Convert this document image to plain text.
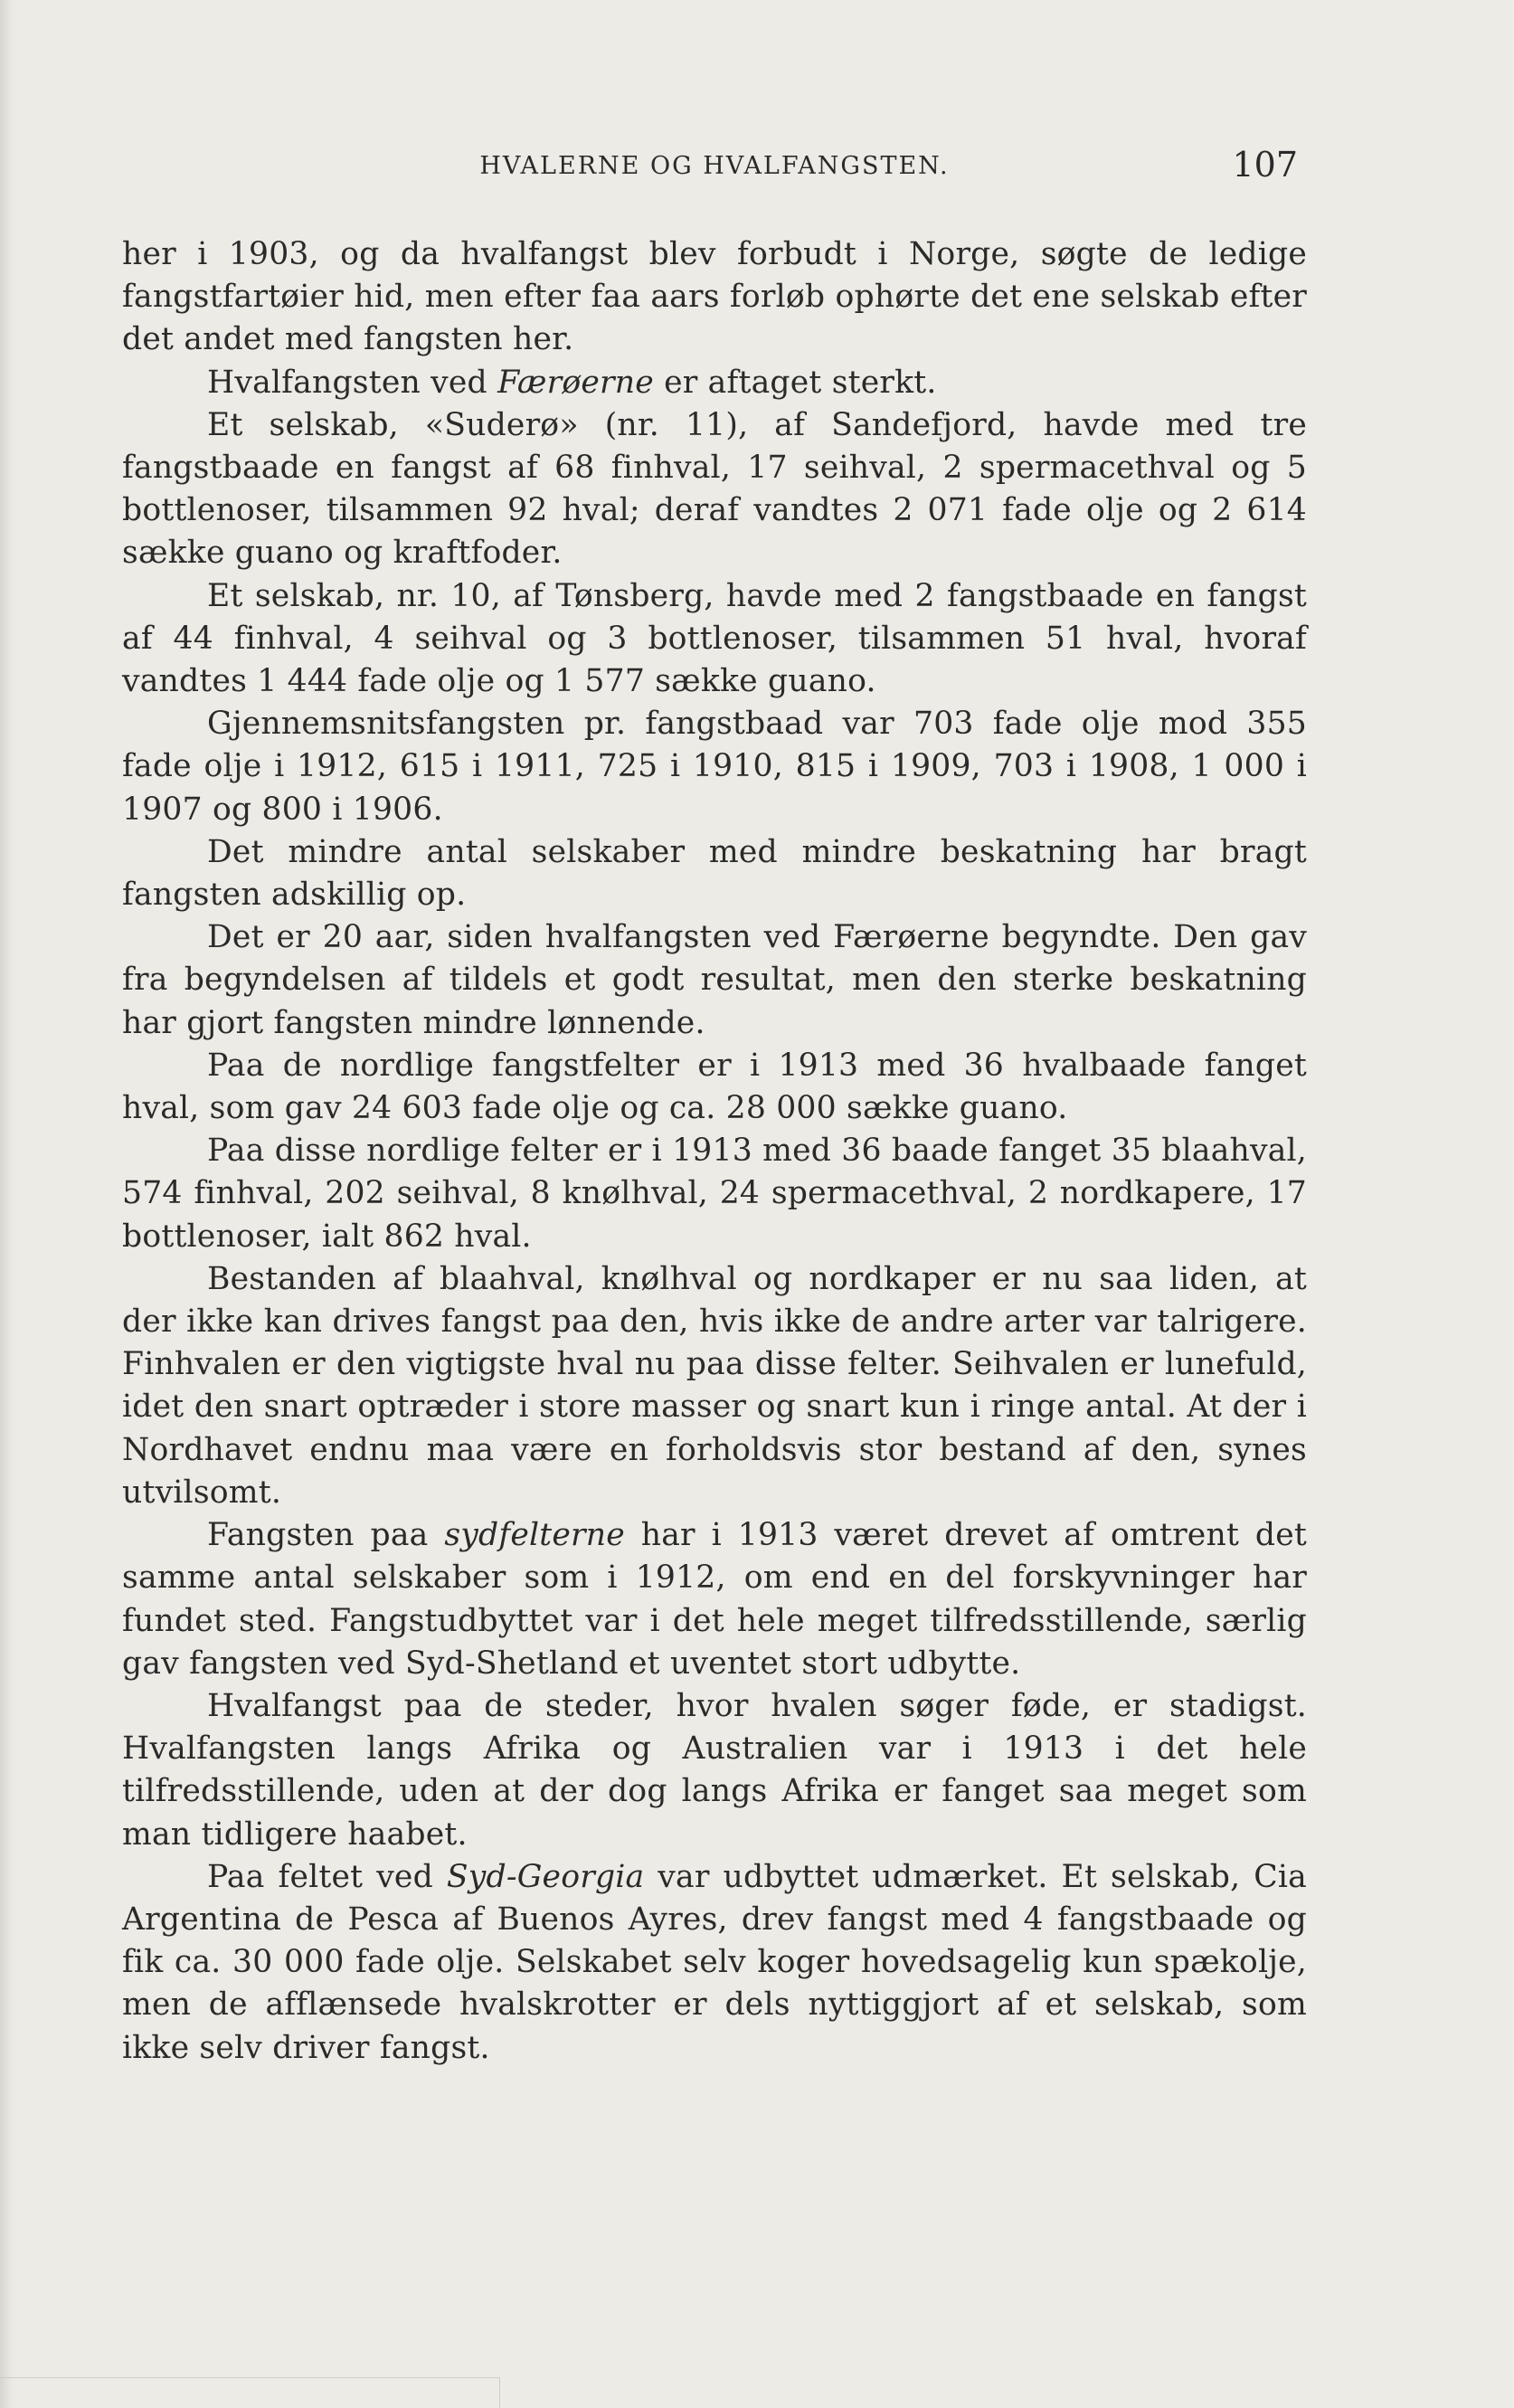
HVALERNE OG HVALFANGSTEN.	107

her i 1903, og da hvalfangst blev forbudt i Norge, søgte de ledige fangstfartøier hid, men efter faa aars forløb ophørte det ene selskab efter det andet med fangsten her.

Hvalfangsten ved Færøerne er aftaget sterkt.

Et selskab, «Suderø» (nr. 11), af Sandefjord, havde med tre fangstbaade en fangst af 68 finhval, 17 seihval, 2 spermacethval og 5 bottlenoser, tilsammen 92 hval; deraf vandtes 2 071 fade olje og 2 614 sække guano og kraftfoder.

Et selskab, nr. 10, af Tønsberg, havde med 2 fangstbaade en fangst af 44 finhval, 4 seihval og 3 bottlenoser, tilsammen 51 hval, hvoraf vandtes 1 444 fade olje og 1 577 sække guano.

Gjennemsnitsfangsten pr. fangstbaad var 703 fade olje mod 355 fade olje i 1912, 615 i 1911, 725 i 1910, 815 i 1909, 703 i 1908, 1 000 i 1907 og 800 i 1906.

Det mindre antal selskaber med mindre beskatning har bragt fangsten adskillig op.

Det er 20 aar, siden hvalfangsten ved Færøerne begyndte. Den gav fra begyndelsen af tildels et godt resultat, men den sterke beskatning har gjort fangsten mindre lønnende.

Paa de nordlige fangstfelter er i 1913 med 36 hvalbaade fanget hval, som gav 24 603 fade olje og ca. 28 000 sække guano.

Paa disse nordlige felter er i 1913 med 36 baade fanget 35 blaahval, 574 finhval, 202 seihval, 8 knølhval, 24 spermacethval, 2 nordkapere, 17 bottlenoser, ialt 862 hval.

Bestanden af blaahval, knølhval og nordkaper er nu saa liden, at der ikke kan drives fangst paa den, hvis ikke de andre arter var talrigere. Finhvalen er den vigtigste hval nu paa disse felter. Seihvalen er lunefuld, idet den snart optræder i store masser og snart kun i ringe antal. At der i Nordhavet endnu maa være en forholdsvis stor bestand af den, synes utvilsomt.

Fangsten paa sydfelterne har i 1913 været drevet af omtrent det samme antal selskaber som i 1912, om end en del forskyvninger har fundet sted. Fangstudbyttet var i det hele meget tilfredsstillende, særlig gav fangsten ved Syd-Shetland et uventet stort udbytte.

Hvalfangst paa de steder, hvor hvalen søger føde, er stadigst. Hvalfangsten langs Afrika og Australien var i 1913 i det hele tilfredsstillende, uden at der dog langs Afrika er fanget saa meget som man tidligere haabet.

Paa feltet ved Syd-Georgia var udbyttet udmærket. Et selskab, Cia Argentina de Pesca af Buenos Ayres, drev fangst med 4 fangstbaade og fik ca. 30 000 fade olje. Selskabet selv koger hovedsagelig kun spækolje, men de afflænsede hvalskrotter er dels nyttiggjort af et selskab, som ikke selv driver fangst.
